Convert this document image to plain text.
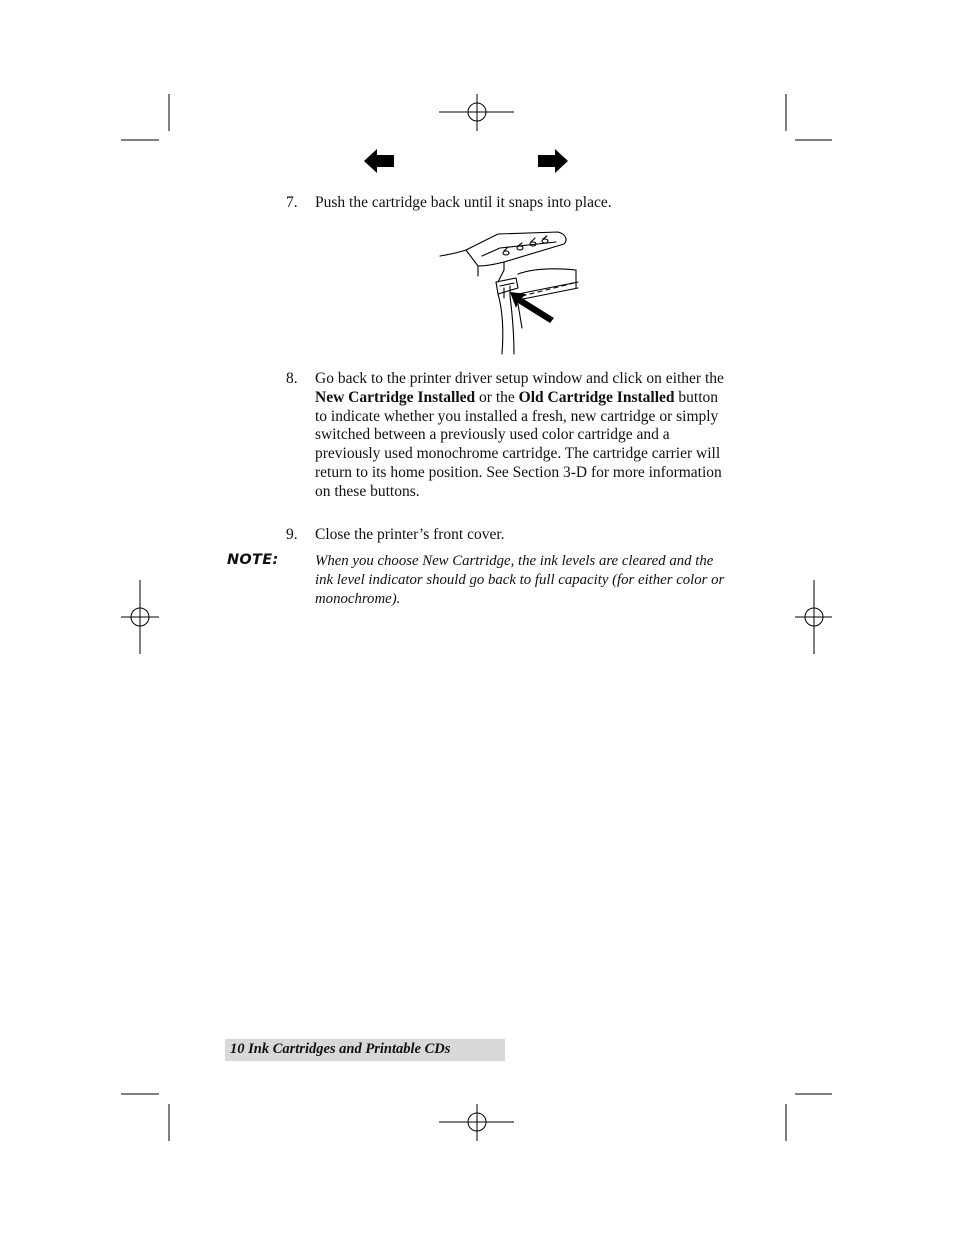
7.	Push the cartridge back until it snaps into place.
8.	Go back to the printer driver setup window and click on either the New Cartridge Installed or the Old Cartridge Installed button to indicate whether you installed a fresh, new cartridge or simply switched between a previously used color cartridge and a previously used monochrome cartridge. The cartridge carrier will return to its home position. See Section 3-D for more information on these buttons.
9.	Close the printer’s front cover.
NOTE: When you choose New Cartridge, the ink levels are cleared and the ink level indicator should go back to full capacity (for either color or monochrome).
10 Ink Cartridges and Printable CDs
